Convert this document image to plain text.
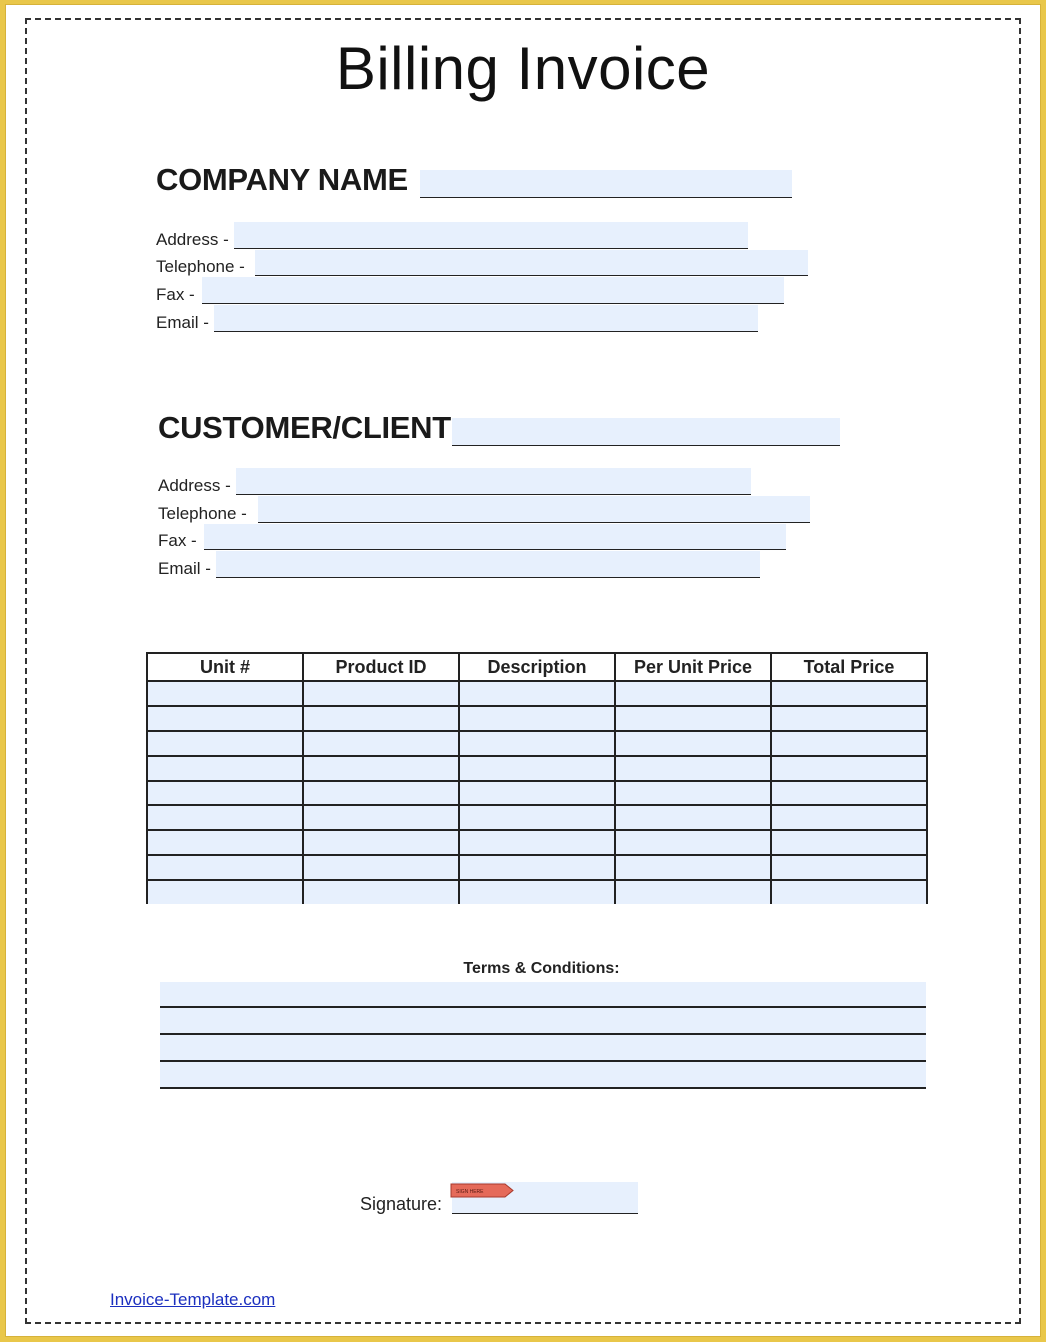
Billing Invoice
COMPANY NAME
Address -
Telephone -
Fax -
Email -
CUSTOMER/CLIENT
Address -
Telephone -
Fax -
Email -
Unit #	Product ID	Description	Per Unit Price	Total Price

Terms & Conditions:
Signature:
SIGN HERE
Invoice-Template.com
